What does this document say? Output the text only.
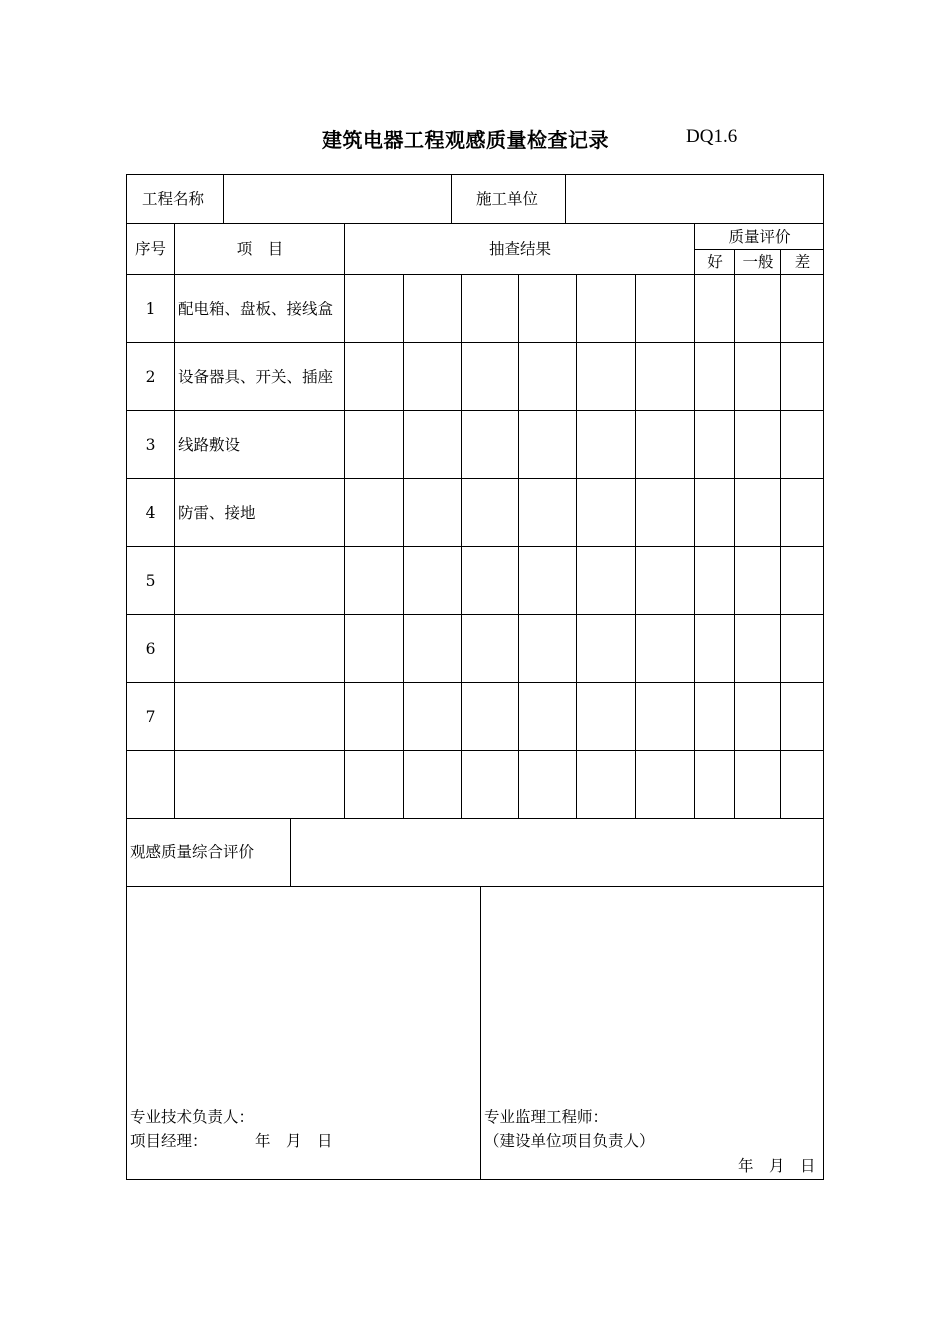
建筑电器工程观感质量检查记录	DQ1.6
工程名称	施工单位
序号	项　目	抽查结果
质量评价
好	一般	差
1	配电箱、盘板、接线盒
2	设备器具、开关、插座
3	线路敷设
4	防雷、接地
5
6
7
观感质量综合评价
专业技术负责人：
项目经理：	年　月　日
专业监理工程师：
（建设单位项目负责人）
年　月　日
